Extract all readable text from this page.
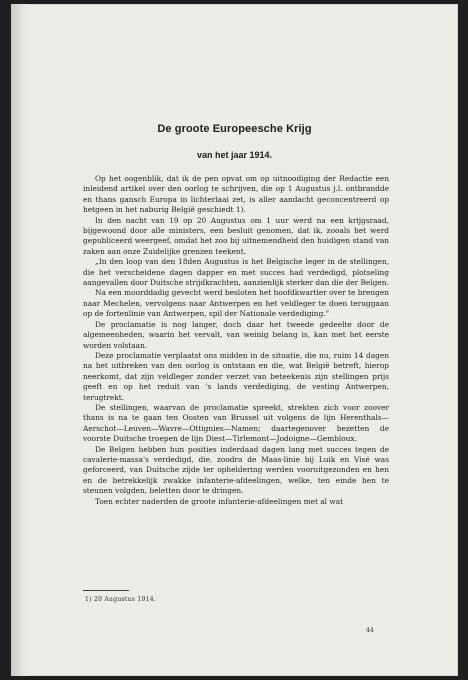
De groote Europeesche Krijg
van het jaar 1914.

Op het oogenblik, dat ik de pen opvat om op uitnoodiging der Redactie een inleidend artikel over den oorlog te schrijven, die op 1 Augustus j.l. ontbrandde en thans gansch Europa in lichterlaai zet, is aller aandacht geconcentreerd op hetgeen in het naburig België geschiedt 1).

In den nacht van 19 op 20 Augustus om 1 uur werd na een krijgsraad, bijgewoond door alle ministers, een besluit genomen, dat ik, zooals het werd gepubliceerd weergeef, omdat het zoo bij uitnemendheid den huidigen stand van zaken aan onze Zuidelijke grenzen teekent.

„In den loop van den 18den Augustus is het Belgische leger in de stellingen, die het verscheidene dagen dapper en met succes had verdedigd, plotseling aangevallen door Duitsche strijdkrachten, aanzienlijk sterker dan die der Belgen.

Na een moorddadig gevecht werd besloten het hoofdkwartier over te brengen naar Mechelen, vervolgens naar Antwerpen en het veldleger te doen teruggaan op de fortenlinie van Antwerpen, spil der Nationale verdediging."

De proclamatie is nog langer, doch daar het tweede gedeelte door de algemeenheden, waarin het vervalt, van weinig belang is, kan met het eerste worden volstaan.

Deze proclamatie verplaatst ons midden in de situatie, die nu, ruim 14 dagen na het uitbreken van den oorlog is ontstaan en die, wat België betreft, hierop neerkomt, dat zijn veldleger zonder verzet van beteekenis zijn stellingen prijs geeft en op het reduit van 's lands verdediging, de vesting Antwerpen, terugtrekt.

De stellingen, waarvan de proclamatie spreekt, strekten zich voor zoover thans is na te gaan ten Oosten van Brussel uit volgens de lijn Herenthals—Aerschot—Leuven—Wavre—Ottignies—Namen; daartegenover bezetten de voorste Duitsche troepen de lijn Diest—Tirlemont—Jodoigne—Gembloux.

De Belgen hebben hun posities inderdaad dagen lang met succes tegen de cavalerie-massa's verdedigd, die, zoodra de Maas-linie bij Luik en Visé was geforceerd, van Duitsche zijde ter opheldering werden vooruitgezonden en hen en de betrekkelijk zwakke infanterie-afdeelingen, welke, ten einde hen te steunen volgden, beletten door te dringen.

Toen echter naderden de groote infanterie-afdeelingen met al wat

1) 20 Augustus 1914.
44
